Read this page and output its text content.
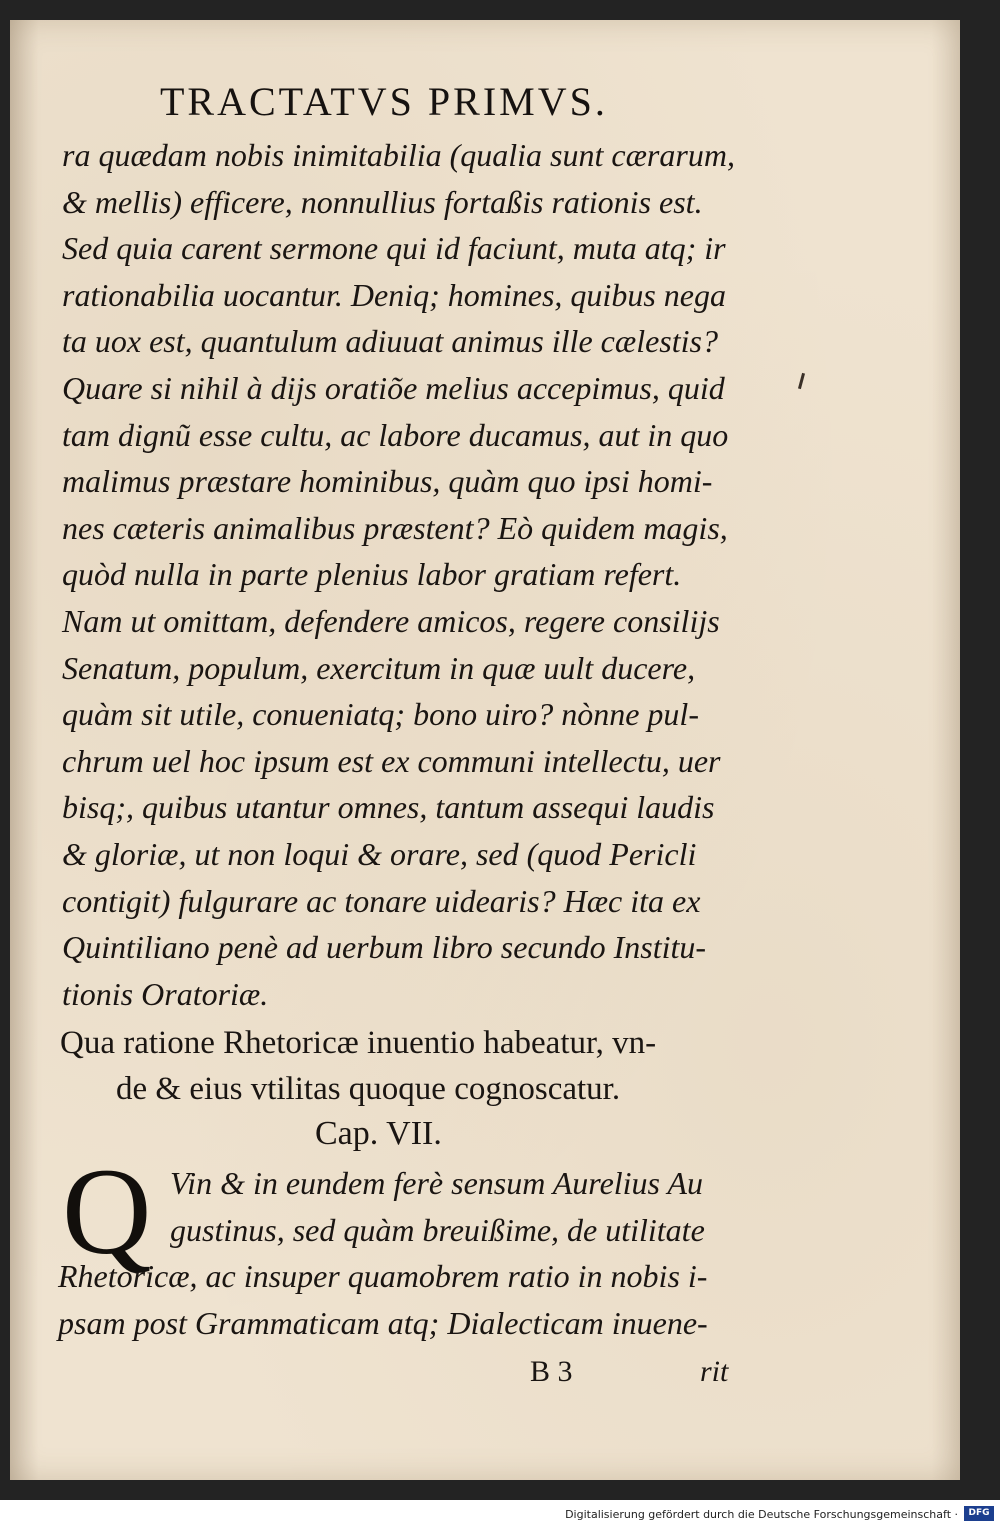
TRACTATVS PRIMVS.

ra quædam nobis inimitabilia (qualia sunt cærarum,
& mellis) efficere, nonnullius fortaßis rationis est.
Sed quia carent sermone qui id faciunt, muta atq; ir
rationabilia uocantur. Deniq; homines, quibus nega
ta uox est, quantulum adiuuat animus ille cælestis?
Quare si nihil à dijs oratiõe melius accepimus, quid
tam dignũ esse cultu, ac labore ducamus, aut in quo
malimus præstare hominibus, quàm quo ipsi homi-
nes cæteris animalibus præstent? Eò quidem magis,
quòd nulla in parte plenius labor gratiam refert.
Nam ut omittam, defendere amicos, regere consilijs
Senatum, populum, exercitum in quæ uult ducere,
quàm sit utile, conueniatq; bono uiro? nònne pul-
chrum uel hoc ipsum est ex communi intellectu, uer
bisq;, quibus utantur omnes, tantum assequi laudis
& gloriæ, ut non loqui & orare, sed (quod Pericli
contigit) fulgurare ac tonare uidearis? Hæc ita ex
Quintiliano penè ad uerbum libro secundo Institu-
tionis Oratoriæ.

Qua ratione Rhetoricæ inuentio habeatur, vn-
de & eius vtilitas quoque cognoscatur.

Cap. VII.
Q Vin & in eundem ferè sensum Aurelius Au
gustinus, sed quàm breuißime, de utilitate

Rhetoricæ, ac insuper quamobrem ratio in nobis i-
psam post Grammaticam atq; Dialecticam inuene-

B 3	rit
Digitalisierung gefördert durch die Deutsche Forschungsgemeinschaft ·	DFG
